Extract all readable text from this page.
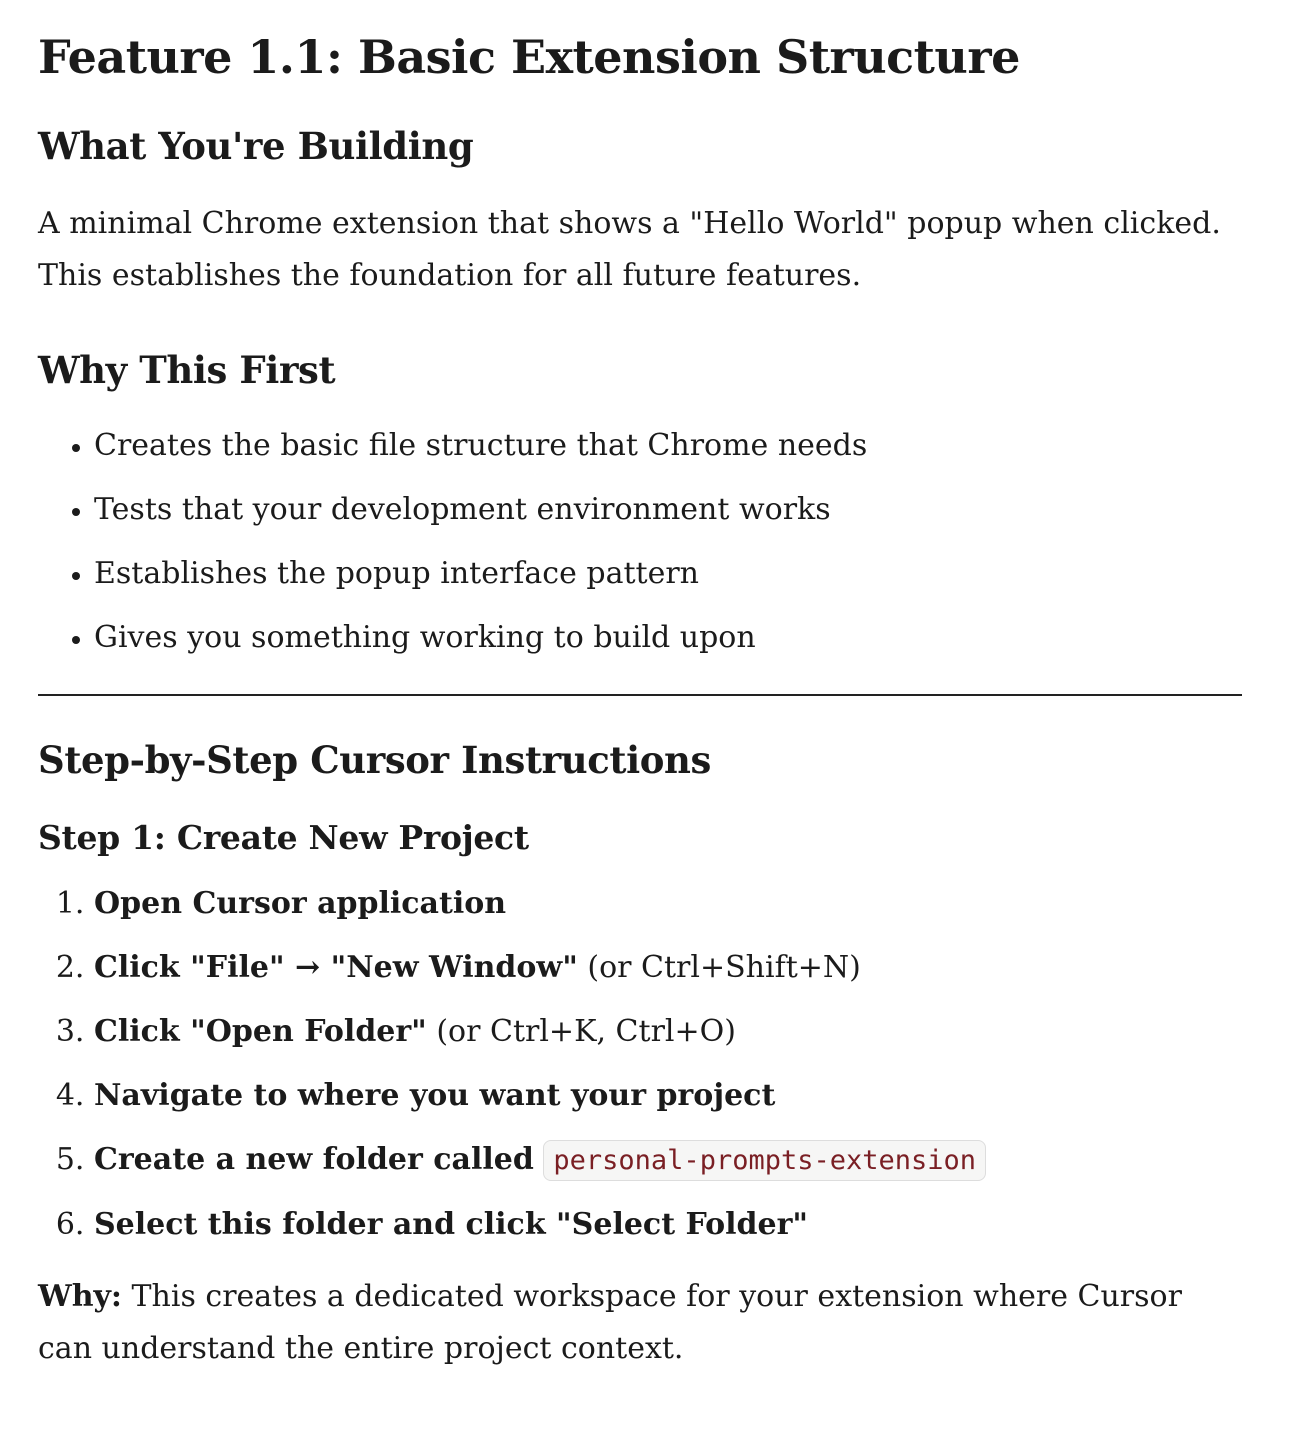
Feature 1.1: Basic Extension Structure
What You're Building

A minimal Chrome extension that shows a "Hello World" popup when clicked. This establishes the foundation for all future features.

Why This First
• Creates the basic file structure that Chrome needs
• Tests that your development environment works
• Establishes the popup interface pattern
• Gives you something working to build upon
Step-by-Step Cursor Instructions
Step 1: Create New Project
1. Open Cursor application
2. Click "File" → "New Window" (or Ctrl+Shift+N)
3. Click "Open Folder" (or Ctrl+K, Ctrl+O)
4. Navigate to where you want your project
5. Create a new folder called personal-prompts-extension
6. Select this folder and click "Select Folder"

Why: This creates a dedicated workspace for your extension where Cursor can understand the entire project context.
